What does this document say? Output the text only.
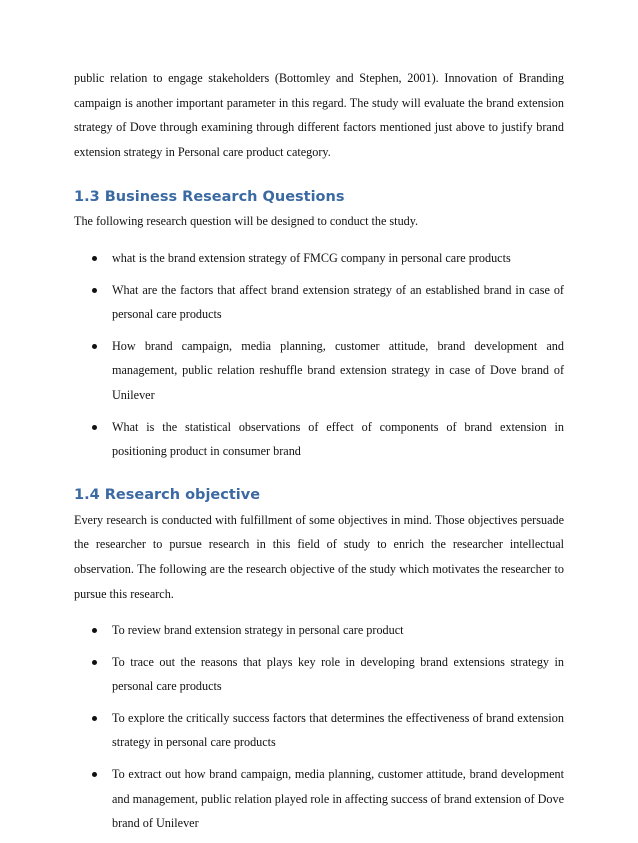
public relation to engage stakeholders (Bottomley and Stephen, 2001). Innovation of Branding campaign is another important parameter in this regard. The study will evaluate the brand extension strategy of Dove through examining through different factors mentioned just above to justify brand extension strategy in Personal care product category.

1.3 Business Research Questions

The following research question will be designed to conduct the study.

what is the brand extension strategy of FMCG company in personal care products
What are the factors that affect brand extension strategy of an established brand in case of personal care products
How brand campaign, media planning, customer attitude, brand development and management, public relation reshuffle brand extension strategy in case of Dove brand of Unilever
What is the statistical observations of effect of components of brand extension in positioning product in consumer brand
1.4 Research objective

Every research is conducted with fulfillment of some objectives in mind. Those objectives persuade the researcher to pursue research in this field of study to enrich the researcher intellectual observation. The following are the research objective of the study which motivates the researcher to pursue this research.

To review brand extension strategy in personal care product
To trace out the reasons that plays key role in developing brand extensions strategy in personal care products
To explore the critically success factors that determines the effectiveness of brand extension strategy in personal care products
To extract out how brand campaign, media planning, customer attitude, brand development and management, public relation played role in affecting success of brand extension of Dove brand of Unilever
